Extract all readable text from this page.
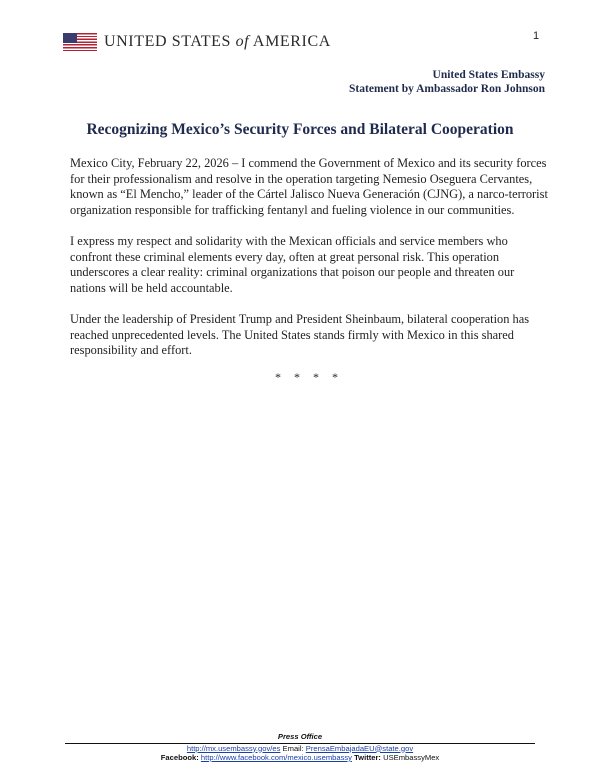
1
UNITED STATES of AMERICA
United States Embassy
Statement by Ambassador Ron Johnson
Recognizing Mexico’s Security Forces and Bilateral Cooperation

Mexico City, February 22, 2026 – I commend the Government of Mexico and its security forces for their professionalism and resolve in the operation targeting Nemesio Oseguera Cervantes, known as “El Mencho,” leader of the Cártel Jalisco Nueva Generación (CJNG), a narco-terrorist organization responsible for trafficking fentanyl and fueling violence in our communities.

I express my respect and solidarity with the Mexican officials and service members who confront these criminal elements every day, often at great personal risk. This operation underscores a clear reality: criminal organizations that poison our people and threaten our nations will be held accountable.

Under the leadership of President Trump and President Sheinbaum, bilateral cooperation has reached unprecedented levels. The United States stands firmly with Mexico in this shared responsibility and effort.

* * * *
Press Office
http://mx.usembassy.gov/es Email: PrensaEmbajadaEU@state.gov
Facebook: http://www.facebook.com/mexico.usembassy Twitter: USEmbassyMex
